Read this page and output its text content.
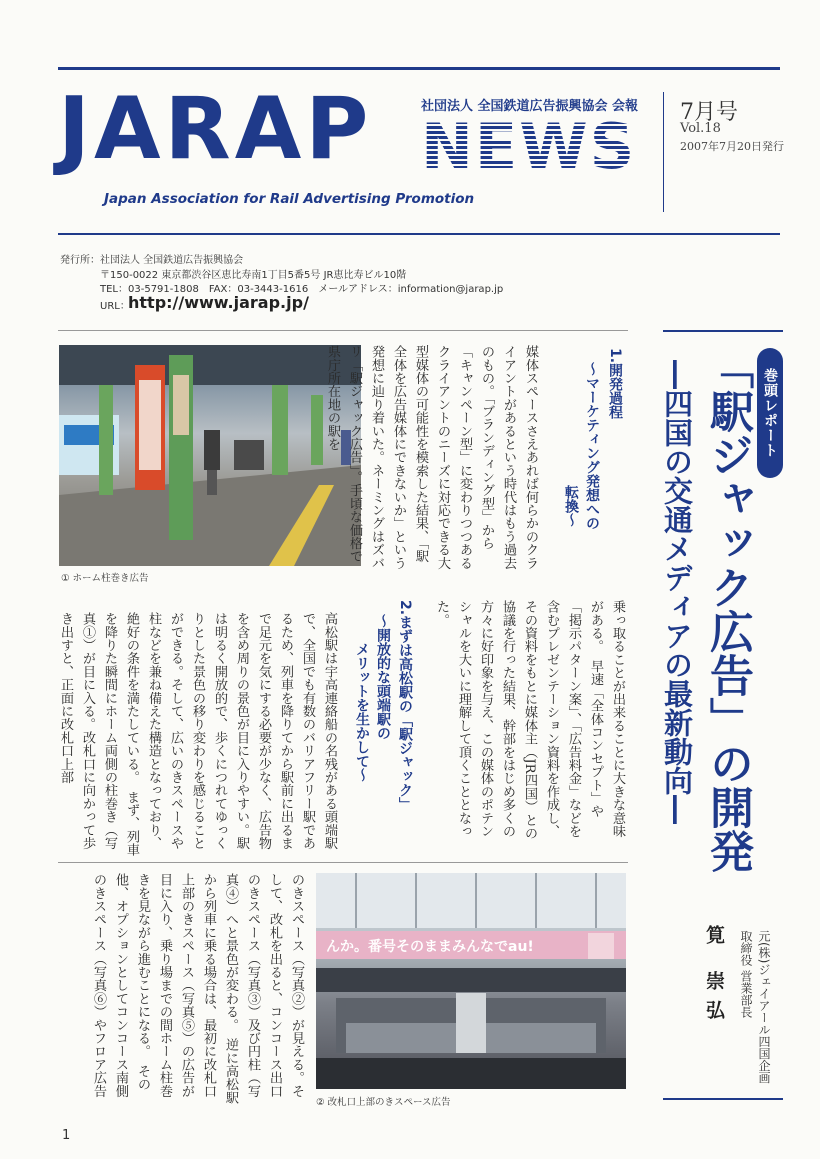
JARAP	社団法人 全国鉄道広告振興協会 会報
NEWS
Japan Association for Rail Advertising Promotion
7月号
Vol.18
2007年7月20日発行
発行所：社団法人 全国鉄道広告振興協会
〒150-0022 東京都渋谷区恵比寿南1丁目5番5号 JR恵比寿ビル10階
TEL：03-5791-1808　FAX：03-3443-1616　メールアドレス：information@jarap.jp
URL：
http://www.jarap.jp/
① ホーム柱巻き広告
んか。番号そのままみんなでau!
② 改札口上部のきスペース広告
1.開発過程
～マーケティング発想への
転換～
媒体スペースさえあれば何らかのクライアントがあるという時代はもう過去のもの。「ブランディング型」から「キャンペーン型」に変わりつつあるクライアントのニーズに対応できる大型媒体の可能性を模索した結果、「駅全体を広告媒体にできないか」という発想に辿り着いた。ネーミングはズバリ「駅ジャック広告」。手頃な価格で県庁所在地の駅を
乗っ取ることが出来ることに大きな意味がある。　早速「全体コンセプト」や「掲示パターン案」、「広告料金」などを含むプレゼンテーション資料を作成し、その資料をもとに媒体主（JR四国）との協議を行った結果、幹部をはじめ多くの方々に好印象を与え、この媒体のポテンシャルを大いに理解して頂くこととなった。
2.まずは高松駅の「駅ジャック」
～開放的な頭端駅の
メリットを生かして～
高松駅は宇高連絡船の名残がある頭端駅で、全国でも有数のバリアフリー駅であるため、列車を降りてから駅前に出るまで足元を気にする必要が少なく、広告物を含め周りの景色が目に入りやすい。駅は明るく開放的で、歩くにつれてゆっくりとした景色の移り変わりを感じることができる。そして、広いのきスペースや柱などを兼ね備えた構造となっており、絶好の条件を満たしている。　まず、列車を降りた瞬間にホーム両側の柱巻き（写真①）が目に入る。改札口に向かって歩き出すと、正面に改札口上部
のきスペース（写真②）が見える。そして、改札を出ると、コンコース出口のきスペース（写真③）及び円柱（写真④）へと景色が変わる。　逆に高松駅から列車に乗る場合は、最初に改札口上部のきスペース（写真⑤）の広告が目に入り、乗り場までの間ホーム柱巻きを見ながら進むことになる。　その他、オプションとしてコンコース南側のきスペース（写真⑥）やフロア広告
巻頭レポート
「駅ジャック広告」の開発
―四国の交通メディアの最新動向―
元(株)ジェイアール四国企画
取締役 営業部長
筧 崇弘
1
